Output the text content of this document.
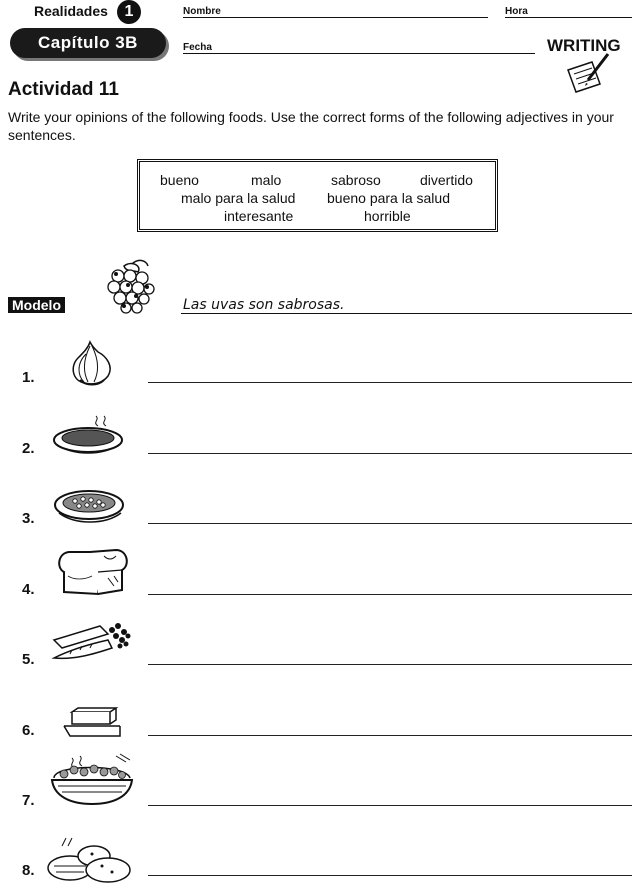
Realidades	1
Capítulo 3B
Nombre	Hora
Fecha	WRITING
Actividad 11
Write your opinions of the following foods. Use the correct forms of the following adjectives in your sentences.
bueno	malo	sabroso	divertido
malo para la salud bueno para la salud
interesante	horrible
Modelo	Las uvas son sabrosas.
1.
2.
3.
4.
5.
6.
7.
8.
